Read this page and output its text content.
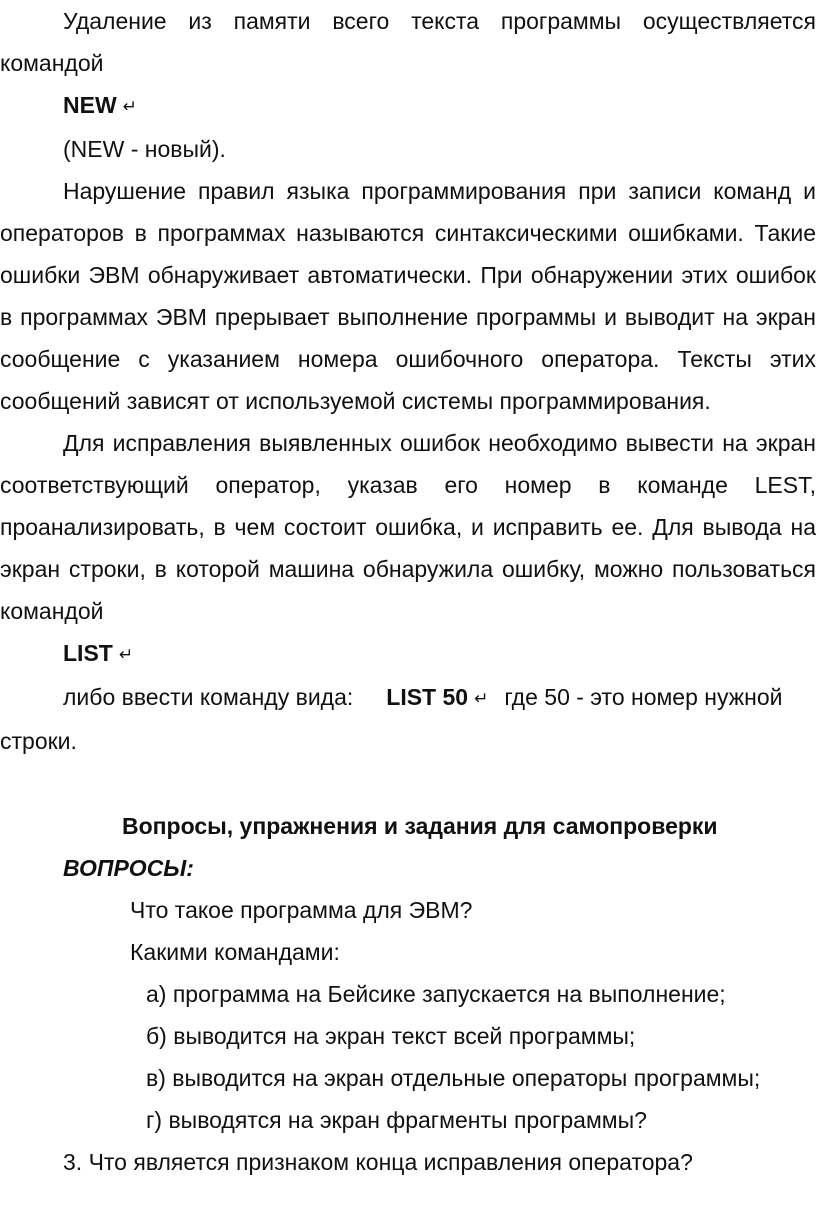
Удаление из памяти всего текста программы осуществляется командой

NEW ↵

(NEW - новый).

Нарушение правил языка программирования при записи команд и операторов в программах называются синтаксическими ошибками. Такие ошибки ЭВМ обнаруживает автоматически. При обнаружении этих ошибок в программах ЭВМ прерывает выполнение программы и выводит на экран сообщение с указанием номера ошибочного оператора. Тексты этих сообщений зависят от используемой системы программирования.

Для исправления выявленных ошибок необходимо вывести на экран соответствующий оператор, указав его номер в команде LEST, проанализировать, в чем состоит ошибка, и исправить ее. Для вывода на экран строки, в которой машина обнаружила ошибку, можно пользоваться командой

LIST ↵

либо ввести команду вида: LIST 50 ↵ где 50 - это номер нужной

строки.

Вопросы, упражнения и задания для самопроверки

ВОПРОСЫ:

Что такое программа для ЭВМ?

Какими командами:

а) программа на Бейсике запускается на выполнение;

б) выводится на экран текст всей программы;

в) выводится на экран отдельные операторы программы;

г) выводятся на экран фрагменты программы?

3. Что является признаком конца исправления оператора?
